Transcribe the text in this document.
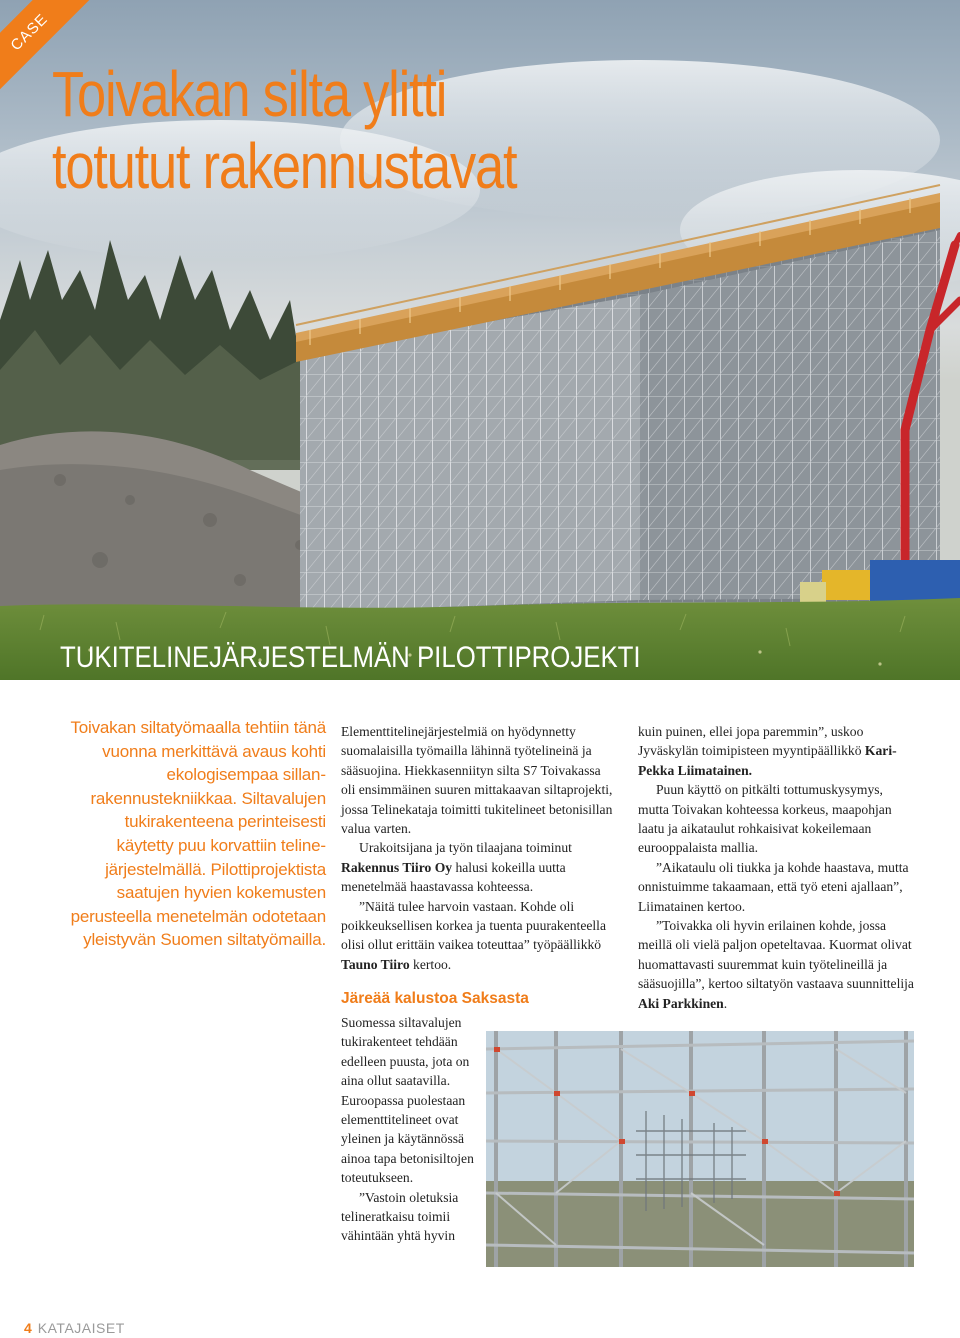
CASE
Toivakan silta ylitti
totutut rakennustavat
TUKITELINEJÄRJESTELMÄN PILOTTIPROJEKTI

Toivakan siltatyömaalla tehtiin tänä vuonna merkittävä avaus kohti ekologisempaa sillanrakennustekniikkaa. Siltavalujen tukirakenteena perinteisesti käytetty puu korvattiin telinejärjestelmällä. Pilottiprojektista saatujen hyvien kokemusten perusteella menetelmän odotetaan yleistyvän Suomen siltatyömailla.

Elementtitelinejärjestelmiä on hyödynnetty suomalaisilla työmailla lähinnä työtelineinä ja sääsuojina. Hiekkasenniityn silta S7 Toivakassa oli ensimmäinen suuren mittakaavan siltaprojekti, jossa Telinekataja toimitti tukitelineet betonisillan valua varten.

Urakoitsijana ja työn tilaajana toiminut Rakennus Tiiro Oy halusi kokeilla uutta menetelmää haastavassa kohteessa.

”Näitä tulee harvoin vastaan. Kohde oli poikkeuksellisen korkea ja tuenta puurakenteella olisi ollut erittäin vaikea toteuttaa” työpäällikkö Tauno Tiiro kertoo.

Järeää kalustoa Saksasta

Suomessa siltavalujen tukirakenteet tehdään edelleen puusta, jota on aina ollut saatavilla. Euroopassa puolestaan elementtitelineet ovat yleinen ja käytännössä ainoa tapa betonisiltojen toteutukseen.

”Vastoin oletuksia telineratkaisu toimii vähintään yhtä hyvin

kuin puinen, ellei jopa paremmin”, uskoo Jyväskylän toimipisteen myyntipäällikkö Kari-Pekka Liimatainen.

Puun käyttö on pitkälti tottumuskysymys, mutta Toivakan kohteessa korkeus, maapohjan laatu ja aikataulut rohkaisivat kokeilemaan eurooppalaista mallia.

”Aikataulu oli tiukka ja kohde haastava, mutta onnistuimme takaamaan, että työ eteni ajallaan”, Liimatainen kertoo.

”Toivakka oli hyvin erilainen kohde, jossa meillä oli vielä paljon opeteltavaa. Kuormat olivat huomattavasti suuremmat kuin työtelineillä ja sääsuojilla”, kertoo siltatyön vastaava suunnittelija Aki Parkkinen.

4 KATAJAISET
